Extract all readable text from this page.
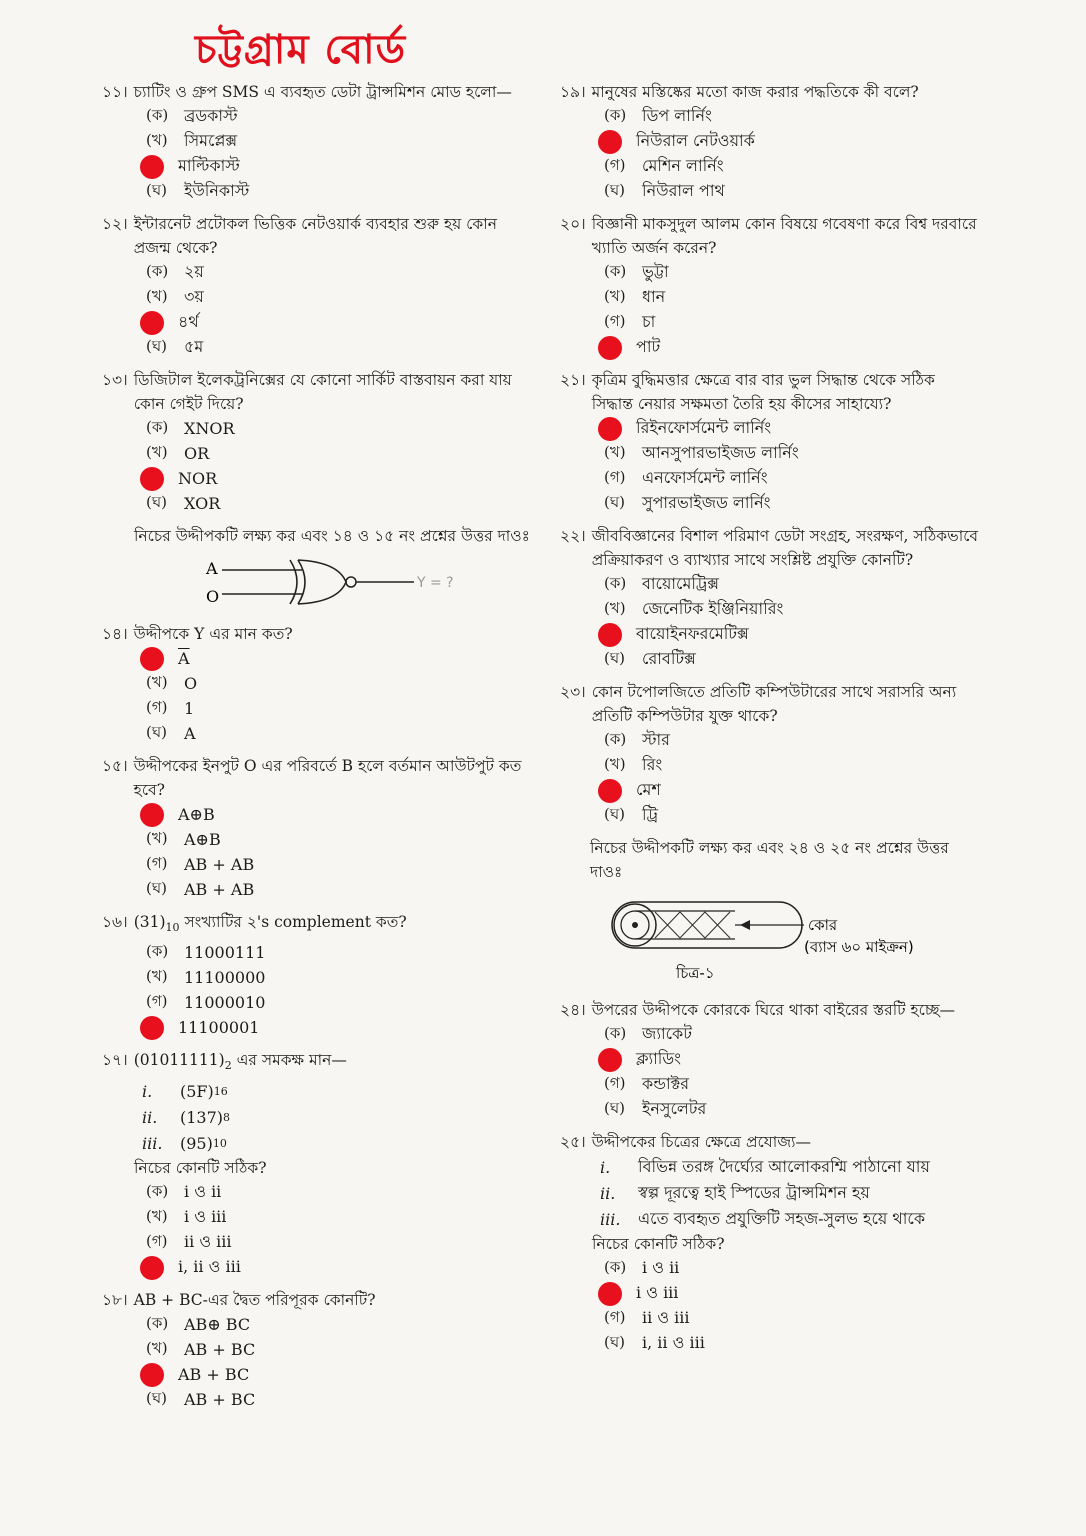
চট্টগ্রাম বোর্ড
১১। চ্যাটিং ও গ্রুপ SMS এ ব্যবহৃত ডেটা ট্রান্সমিশন মোড হলো—
(ক) ব্রডকাস্ট
(খ)	সিমপ্লেক্স
মাল্টিকাস্ট
(ঘ)	ইউনিকাস্ট
১২। ইন্টারনেট প্রটোকল ভিত্তিক নেটওয়ার্ক ব্যবহার শুরু হয় কোন প্রজন্ম থেকে?
(ক) ২য়
(খ)	৩য়
৪র্থ
(ঘ)	৫ম
১৩। ডিজিটাল ইলেকট্রনিক্সের যে কোনো সার্কিট বাস্তবায়ন করা যায় কোন গেইট দিয়ে?
(ক) XNOR
(খ)	OR
NOR
(ঘ)	XOR
নিচের উদ্দীপকটি লক্ষ্য কর এবং ১৪ ও ১৫ নং প্রশ্নের উত্তর দাওঃ
A
O
Y = ?
১৪। উদ্দীপকে Y এর মান কত?
$\overline{A}$
(খ)	O
(গ)	1
(ঘ)	A
১৫। উদ্দীপকের ইনপুট O এর পরিবর্তে B হলে বর্তমান আউটপুট কত হবে?
A⊕B
(খ)	A⊕B
(গ)	AB + AB
(ঘ)	AB + AB
১৬। $(31)_{10}$ সংখ্যাটির ২'s complement কত?
(ক) 11000111
(খ)	11100000
(গ)	11000010
11100001
১৭। $(01011111)_2$ এর সমকক্ষ মান—
i.	(5F) 16
ii.	(137) 8
iii.	(95) 10
নিচের কোনটি সঠিক?
(ক) i ও ii
(খ)	i ও iii
(গ)	ii ও iii
i, ii ও iii
১৮। AB + BC-এর দ্বৈত পরিপূরক কোনটি?
(ক) AB⊕ BC
(খ)	AB + BC
AB + BC
(ঘ)	AB + BC
১৯। মানুষের মস্তিষ্কের মতো কাজ করার পদ্ধতিকে কী বলে?
(ক) ডিপ লার্নিং
নিউরাল নেটওয়ার্ক
(গ)	মেশিন লার্নিং
(ঘ)	নিউরাল পাথ
২০। বিজ্ঞানী মাকসুদুল আলম কোন বিষয়ে গবেষণা করে বিশ্ব দরবারে খ্যাতি অর্জন করেন?
(ক) ভুট্টা
(খ)	ধান
(গ)	চা
পাট
২১। কৃত্রিম বুদ্ধিমত্তার ক্ষেত্রে বার বার ভুল সিদ্ধান্ত থেকে সঠিক সিদ্ধান্ত নেয়ার সক্ষমতা তৈরি হয় কীসের সাহায্যে?
রিইনফোর্সমেন্ট লার্নিং
(খ)	আনসুপারভাইজড লার্নিং
(গ)	এনফোর্সমেন্ট লার্নিং
(ঘ)	সুপারভাইজড লার্নিং
২২। জীববিজ্ঞানের বিশাল পরিমাণ ডেটা সংগ্রহ, সংরক্ষণ, সঠিকভাবে প্রক্রিয়াকরণ ও ব্যাখ্যার সাথে সংশ্লিষ্ট প্রযুক্তি কোনটি?
(ক) বায়োমেট্রিক্স
(খ)	জেনেটিক ইঞ্জিনিয়ারিং
বায়োইনফরমেটিক্স
(ঘ)	রোবটিক্স
২৩। কোন টপোলজিতে প্রতিটি কম্পিউটারের সাথে সরাসরি অন্য প্রতিটি কম্পিউটার যুক্ত থাকে?
(ক) স্টার
(খ)	রিং
মেশ
(ঘ)	ট্রি
নিচের উদ্দীপকটি লক্ষ্য কর এবং ২৪ ও ২৫ নং প্রশ্নের উত্তর দাওঃ
কোর
(ব্যাস ৬০ মাইক্রন)
চিত্র-১
২৪। উপরের উদ্দীপকে কোরকে ঘিরে থাকা বাইরের স্তরটি হচ্ছে—
(ক) জ্যাকেট
ক্ল্যাডিং
(গ)	কন্ডাক্টর
(ঘ)	ইনসুলেটর
২৫। উদ্দীপকের চিত্রের ক্ষেত্রে প্রযোজ্য—
i.	বিভিন্ন তরঙ্গ দৈর্ঘ্যের আলোকরশ্মি পাঠানো যায়
ii.	স্বল্প দূরত্বে হাই স্পিডের ট্রান্সমিশন হয়
iii.	এতে ব্যবহৃত প্রযুক্তিটি সহজ-সুলভ হয়ে থাকে
নিচের কোনটি সঠিক?
(ক) i ও ii
i ও iii
(গ)	ii ও iii
(ঘ)	i, ii ও iii
